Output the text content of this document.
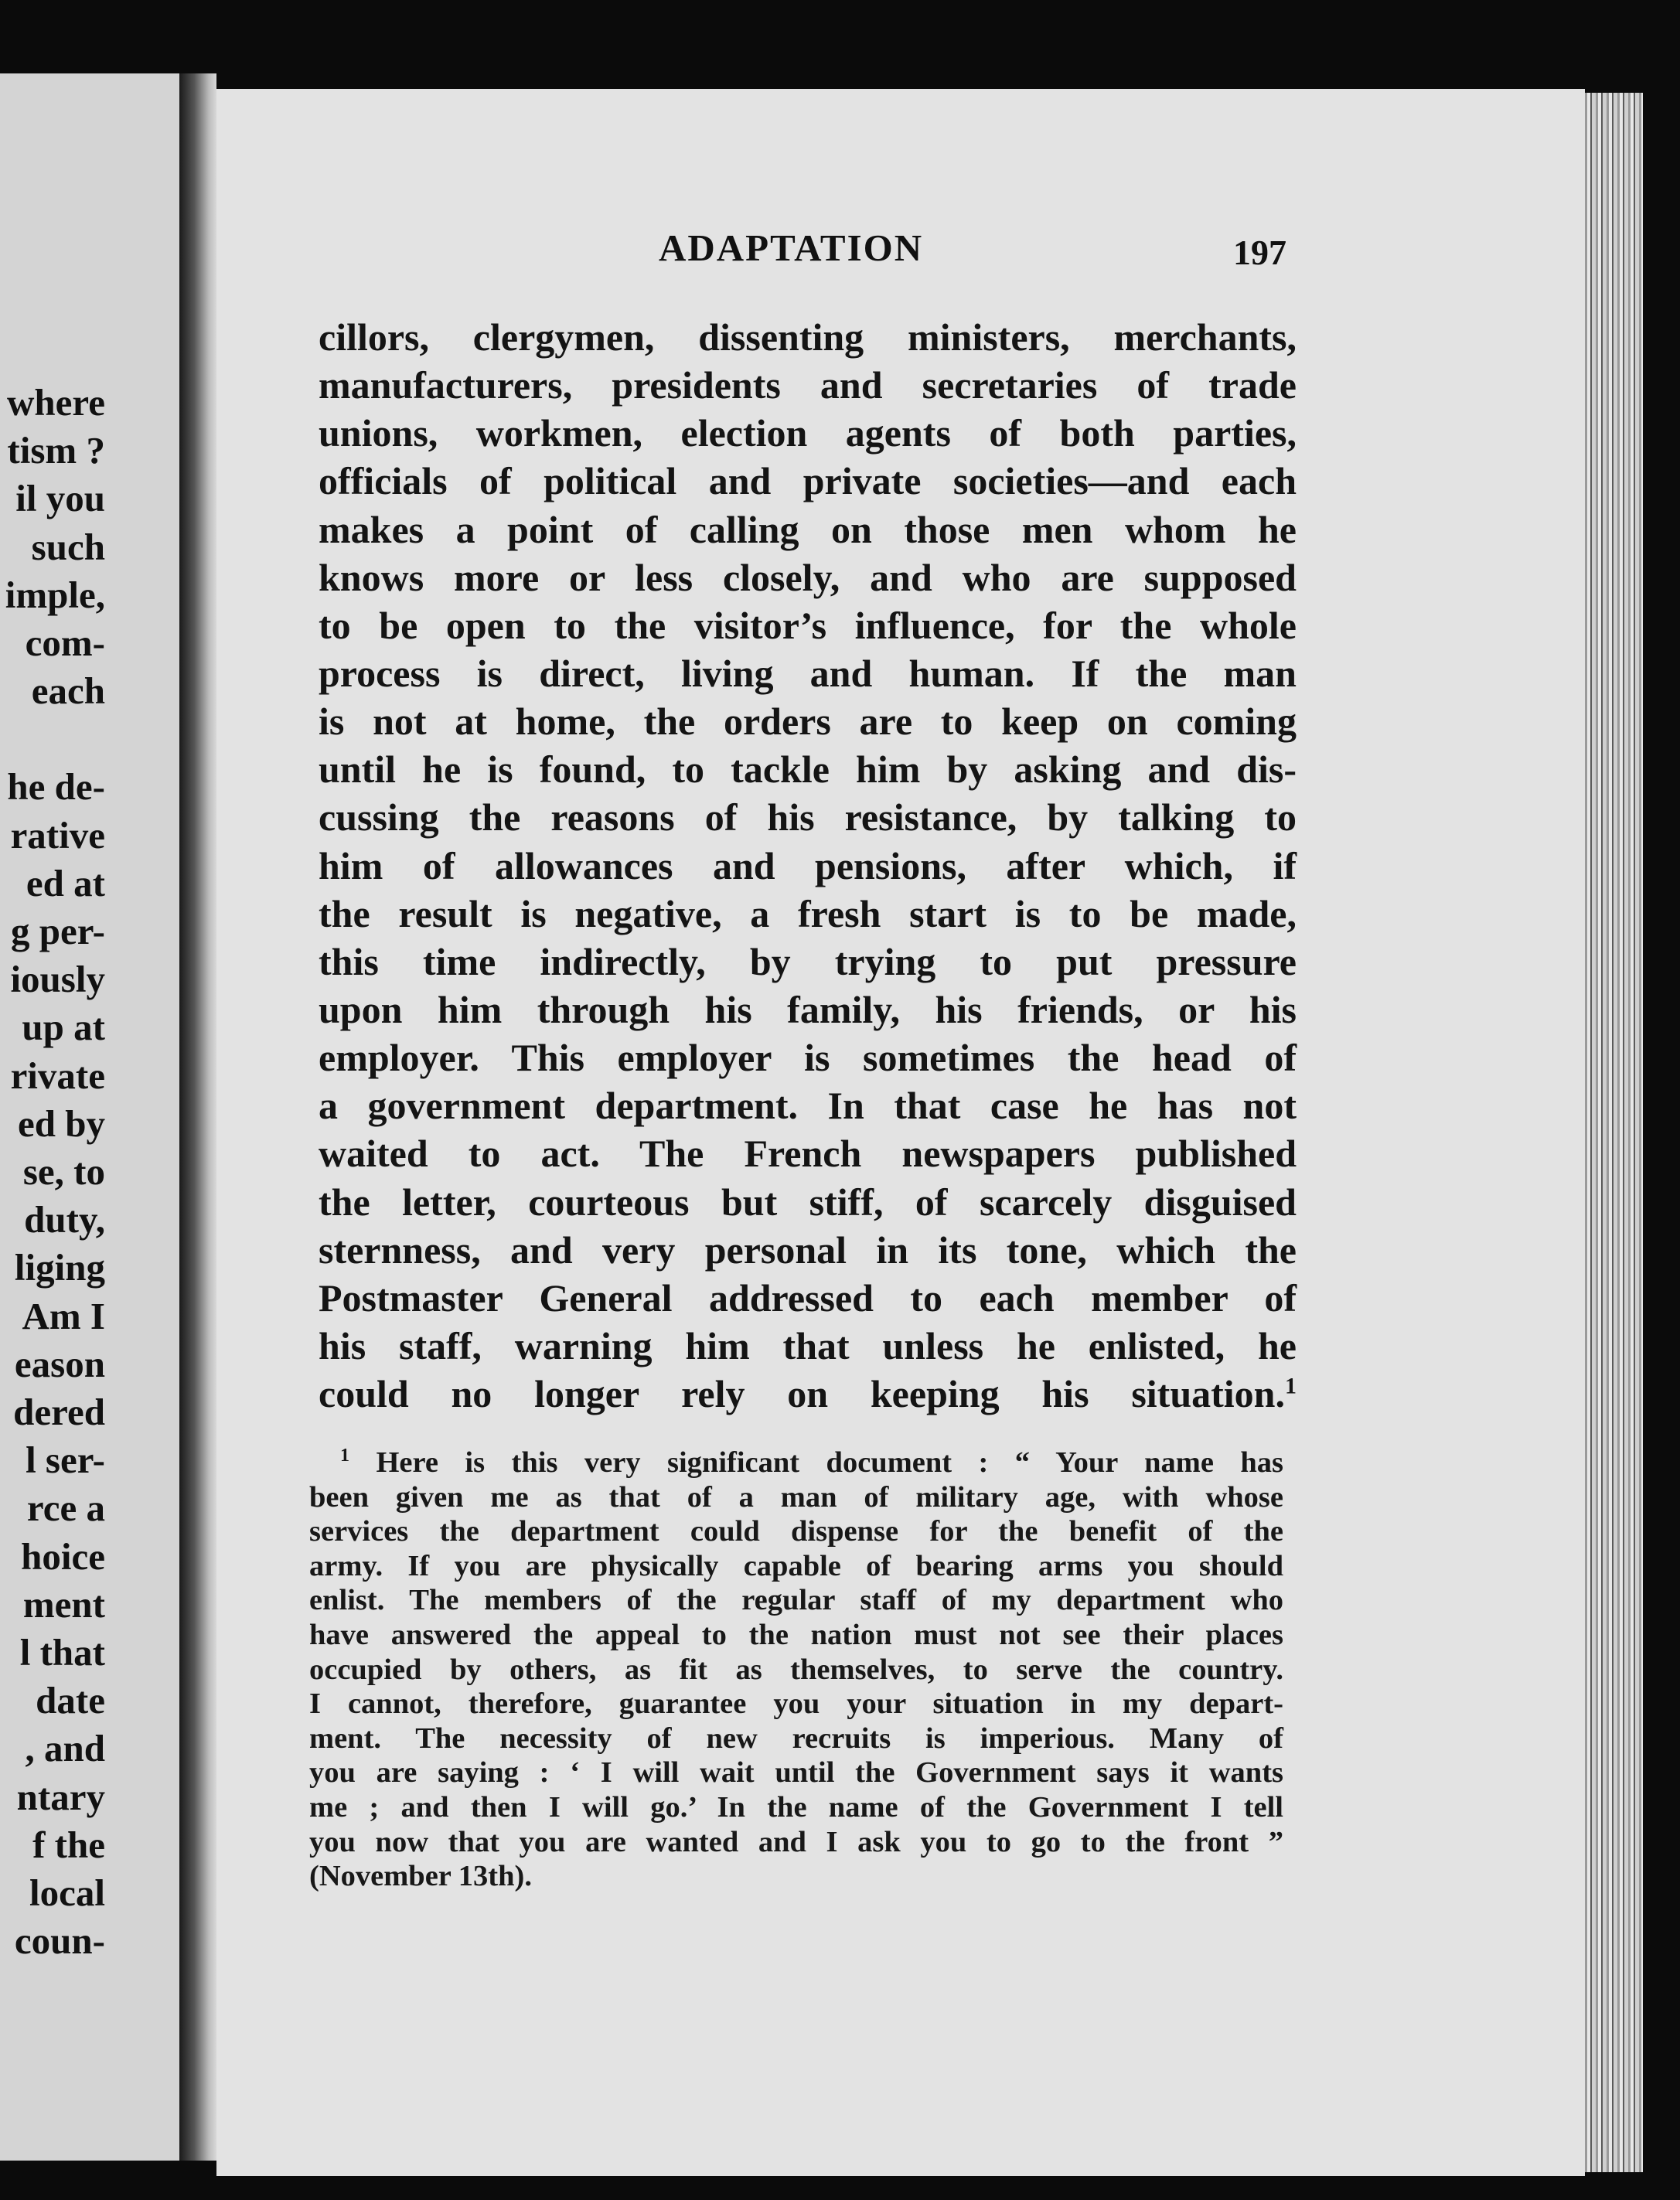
where
tism ?
il you
such
imple,
com-
each

he de-
rative
ed at
g per-
iously
up at
rivate
ed by
se, to
duty,
liging
Am I
eason
dered
l ser-
rce a
hoice
ment
l that
date
, and
ntary
f the
local
coun-
ADAPTATION	197
cillors, clergymen, dissenting ministers, merchants,
manufacturers, presidents and secretaries of trade
unions, workmen, election agents of both parties,
officials of political and private societies—and each
makes a point of calling on those men whom he
knows more or less closely, and who are supposed
to be open to the visitor’s influence, for the whole
process is direct, living and human. If the man
is not at home, the orders are to keep on coming
until he is found, to tackle him by asking and dis-
cussing the reasons of his resistance, by talking to
him of allowances and pensions, after which, if
the result is negative, a fresh start is to be made,
this time indirectly, by trying to put pressure
upon him through his family, his friends, or his
employer. This employer is sometimes the head of
a government department. In that case he has not
waited to act. The French newspapers published
the letter, courteous but stiff, of scarcely disguised
sternness, and very personal in its tone, which the
Postmaster General addressed to each member of
his staff, warning him that unless he enlisted, he
could no longer rely on keeping his situation.$^1$
$^1$ Here is this very significant document : “ Your name has
been given me as that of a man of military age, with whose
services the department could dispense for the benefit of the
army. If you are physically capable of bearing arms you should
enlist. The members of the regular staff of my department who
have answered the appeal to the nation must not see their places
occupied by others, as fit as themselves, to serve the country.
I cannot, therefore, guarantee you your situation in my depart-
ment. The necessity of new recruits is imperious. Many of
you are saying : ‘ I will wait until the Government says it wants
me ; and then I will go.’ In the name of the Government I tell
you now that you are wanted and I ask you to go to the front ”
(November 13th).
